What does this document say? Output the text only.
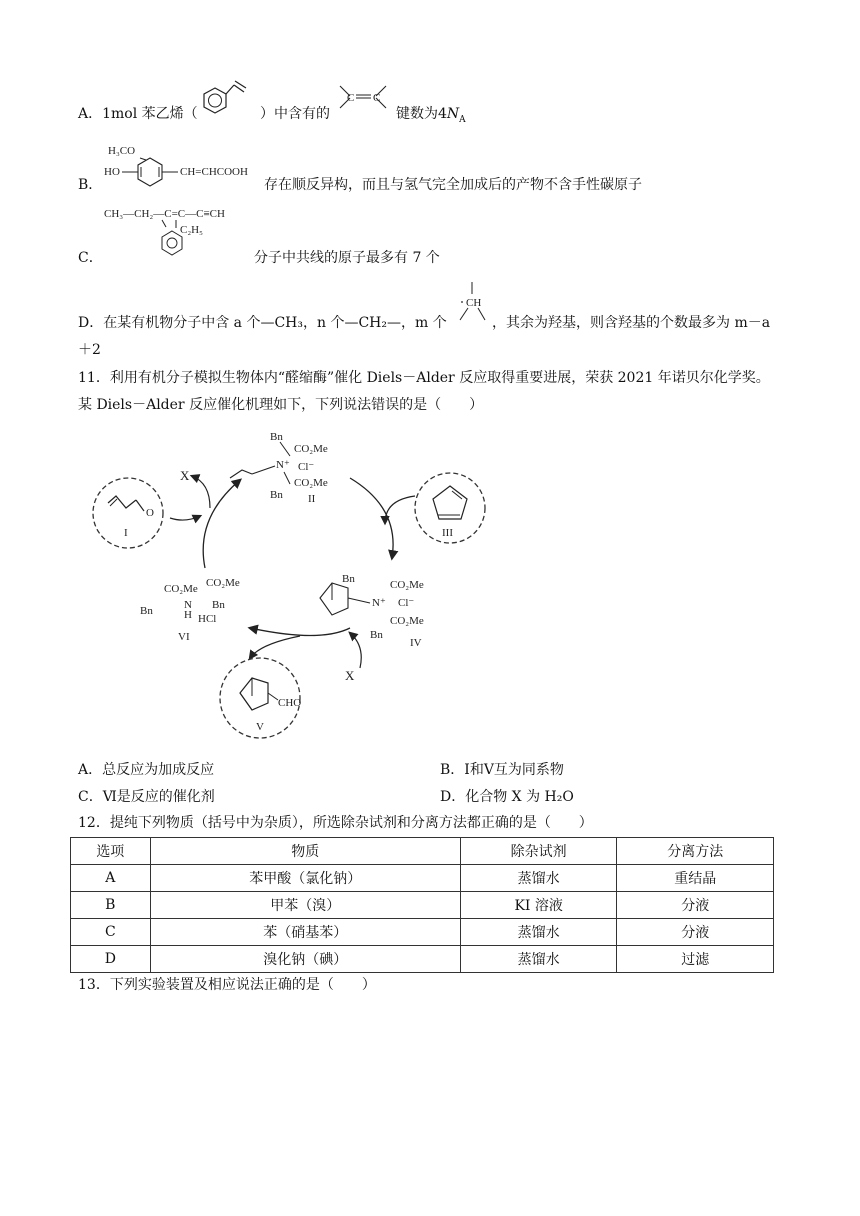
A．1mol 苯乙烯（	）中含有的
C C
键数为$4N_A$
B．
H₃CO
HO	CH=CHCOOH
存在顺反异构，而且与氢气完全加成后的产物不含手性碳原子
CH₃—CH₂—C=C—C≡CH
C₂H₅
C．	分子中共线的原子最多有 7 个
D．在某有机物分子中含 a 个—CH₃，n 个—CH₂—，m 个
CH
，其余为羟基，则含羟基的个数最多为 m－a
＋2
11．利用有机分子模拟生物体内“醛缩酶”催化 Diels－Alder 反应取得重要进展，荣获 2021 年诺贝尔化学奖。
某 Diels－Alder 反应催化机理如下，下列说法错误的是（　　）
X
X
O
I	III
CHO
V
Bn
CO₂Me
N⁺ Cl⁻
CO₂Me
Bn II
Bn
N⁺ Cl⁻
CO₂Me
CO₂Me
Bn
IV
CO₂Me CO₂Me
Bn	H
N
HCl
Bn
VI
A．总反应为加成反应	B．Ⅰ和Ⅴ互为同系物
C．Ⅵ是反应的催化剂	D．化合物 X 为 H₂O
12．提纯下列物质（括号中为杂质），所选除杂试剂和分离方法都正确的是（　　）
选项	物质	除杂试剂	分离方法
A	苯甲酸（氯化钠）	蒸馏水	重结晶
B	甲苯（溴）	KI 溶液	分液
C	苯（硝基苯）	蒸馏水	分液
D	溴化钠（碘）	蒸馏水	过滤
13．下列实验装置及相应说法正确的是（　　）
